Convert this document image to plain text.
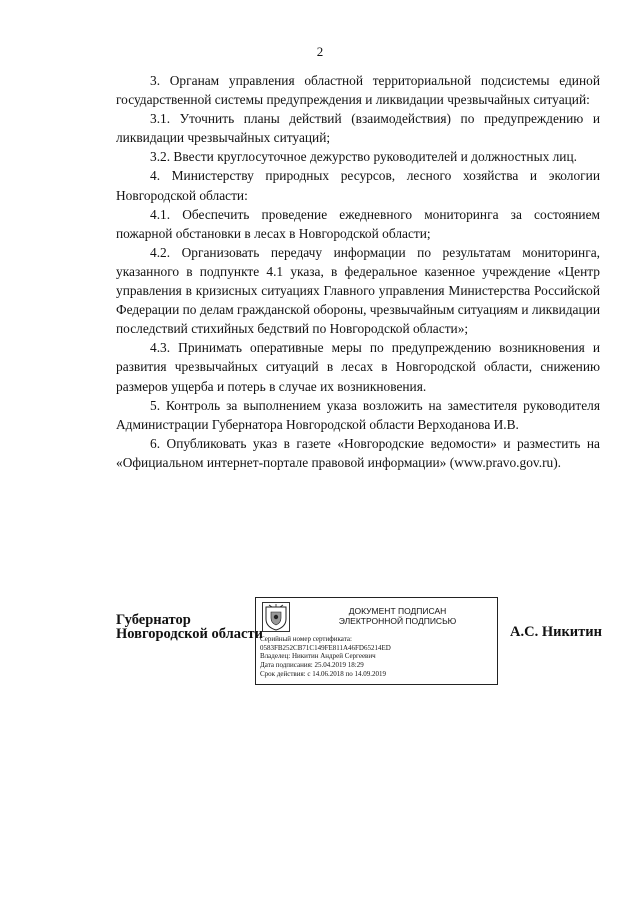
2

3. Органам управления областной территориальной подсистемы единой государственной системы предупреждения и ликвидации чрезвычайных ситуаций:

3.1. Уточнить планы действий (взаимодействия) по предупреждению и ликвидации чрезвычайных ситуаций;

3.2. Ввести круглосуточное дежурство руководителей и должностных лиц.

4. Министерству природных ресурсов, лесного хозяйства и экологии Новгородской области:

4.1. Обеспечить проведение ежедневного мониторинга за состоянием пожарной обстановки в лесах в Новгородской области;

4.2. Организовать передачу информации по результатам мониторинга, указанного в подпункте 4.1 указа, в федеральное казенное учреждение «Центр управления в кризисных ситуациях Главного управления Министерства Российской Федерации по делам гражданской обороны, чрезвычайным ситуациям и ликвидации последствий стихийных бедствий по Новгородской области»;

4.3. Принимать оперативные меры по предупреждению возникновения и развития чрезвычайных ситуаций в лесах в Новгородской области, снижению размеров ущерба и потерь в случае их возникновения.

5. Контроль за выполнением указа возложить на заместителя руководителя Администрации Губернатора Новгородской области Верходанова И.В.

6. Опубликовать указ в газете «Новгородские ведомости» и разместить на «Официальном интернет-портале правовой информации» (www.pravo.gov.ru).

Губернатор
Новгородской области
ДОКУМЕНТ ПОДПИСАН
ЭЛЕКТРОННОЙ ПОДПИСЬЮ
Серийный номер сертификата:
0583FB252CB71C149FE811A46FD65214ED
Владелец: Никитин Андрей Сергеевич
Дата подписания: 25.04.2019 18:29
Срок действия: с 14.06.2018 по 14.09.2019
А.С. Никитин
